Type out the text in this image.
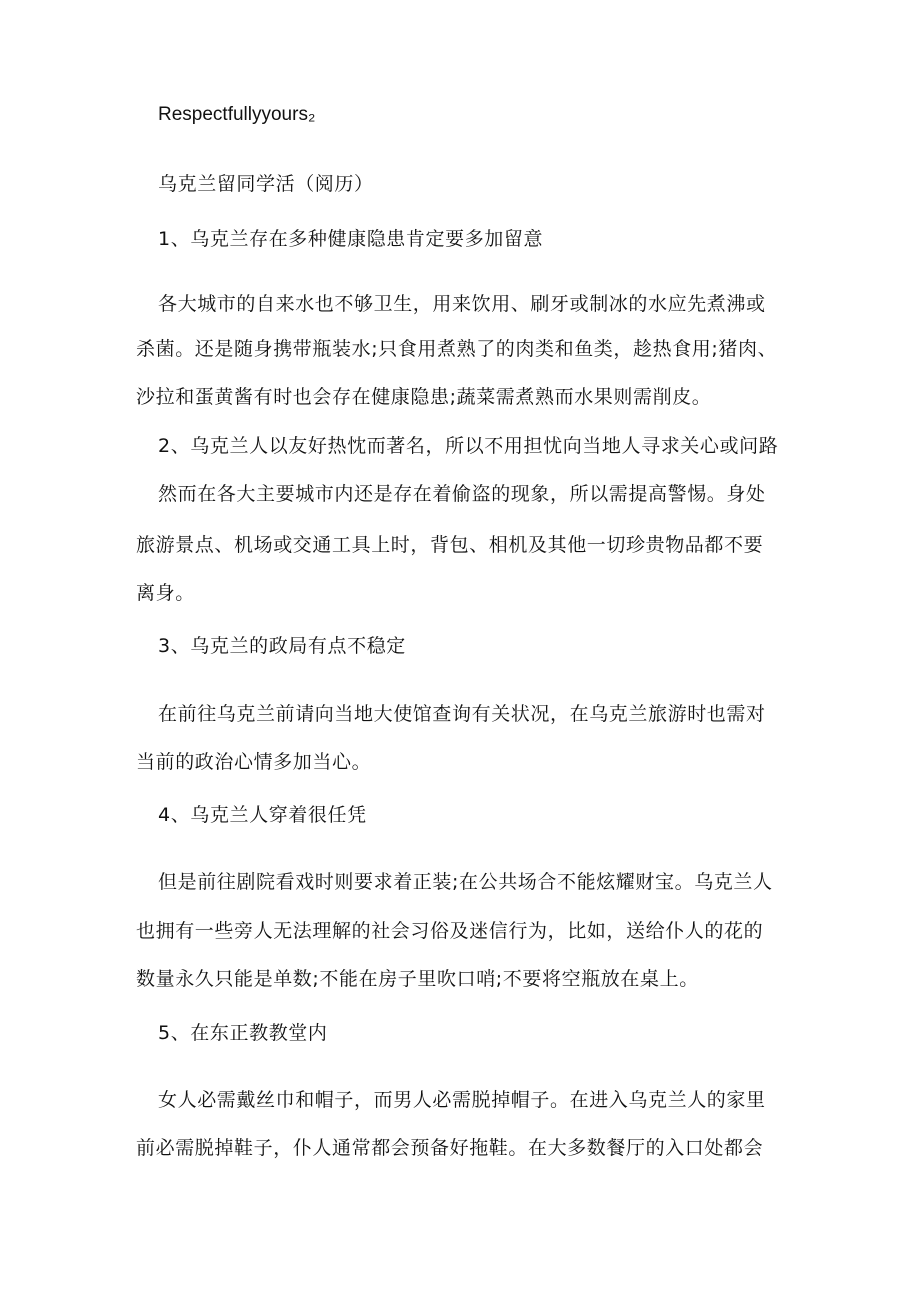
Respectfullyyours₂
乌克兰留同学活（阅历）
1、乌克兰存在多种健康隐患肯定要多加留意
各大城市的自来水也不够卫生，用来饮用、刷牙或制冰的水应先煮沸或
杀菌。还是随身携带瓶装水;只食用煮熟了的肉类和鱼类，趁热食用;猪肉、
沙拉和蛋黄酱有时也会存在健康隐患;蔬菜需煮熟而水果则需削皮。
2、乌克兰人以友好热忱而著名，所以不用担忧向当地人寻求关心或问路
然而在各大主要城市内还是存在着偷盗的现象，所以需提高警惕。身处
旅游景点、机场或交通工具上时，背包、相机及其他一切珍贵物品都不要
离身。
3、乌克兰的政局有点不稳定
在前往乌克兰前请向当地大使馆查询有关状况，在乌克兰旅游时也需对
当前的政治心情多加当心。
4、乌克兰人穿着很任凭
但是前往剧院看戏时则要求着正装;在公共场合不能炫耀财宝。乌克兰人
也拥有一些旁人无法理解的社会习俗及迷信行为，比如，送给仆人的花的
数量永久只能是单数;不能在房子里吹口哨;不要将空瓶放在桌上。
5、在东正教教堂内
女人必需戴丝巾和帽子，而男人必需脱掉帽子。在进入乌克兰人的家里
前必需脱掉鞋子，仆人通常都会预备好拖鞋。在大多数餐厅的入口处都会
